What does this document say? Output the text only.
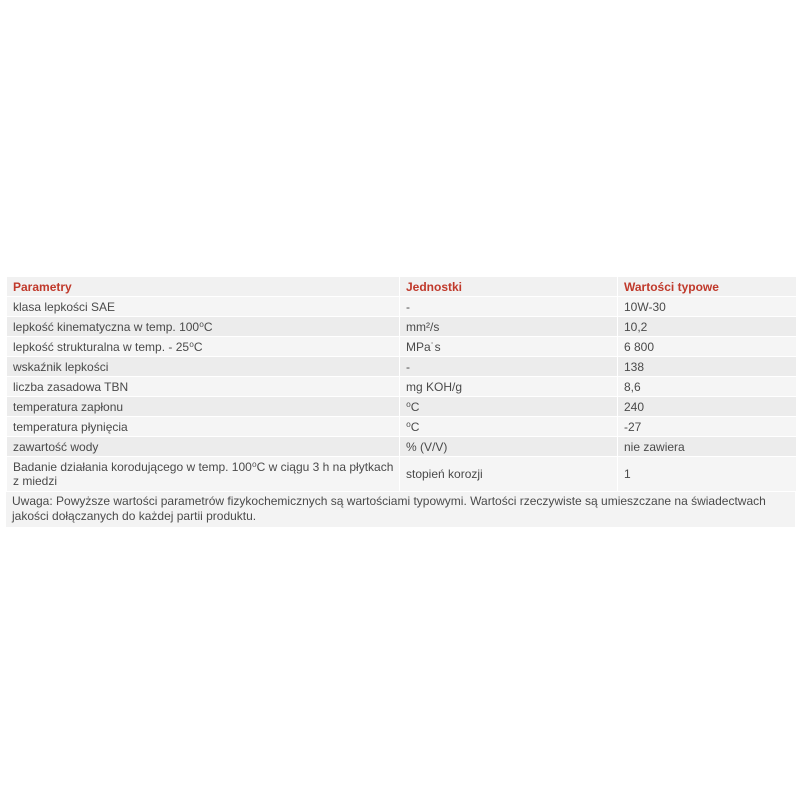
Parametry	Jednostki	Wartości typowe
klasa lepkości SAE	-	10W-30
lepkość kinematyczna w temp. 100⁰C	mm²/s	10,2
lepkość strukturalna w temp. - 25⁰C	MPa˙s	6 800
wskaźnik lepkości	-	138
liczba zasadowa TBN	mg KOH/g	8,6
temperatura zapłonu	⁰C	240
temperatura płynięcia	⁰C	-27
zawartość wody	% (V/V)	nie zawiera
Badanie działania korodującego w temp. 100⁰C w ciągu 3 h na płytkach z miedzi	stopień korozji	1
Uwaga: Powyższe wartości parametrów fizykochemicznych są wartościami typowymi. Wartości rzeczywiste są umieszczane na świadectwach jakości dołączanych do każdej partii produktu.
